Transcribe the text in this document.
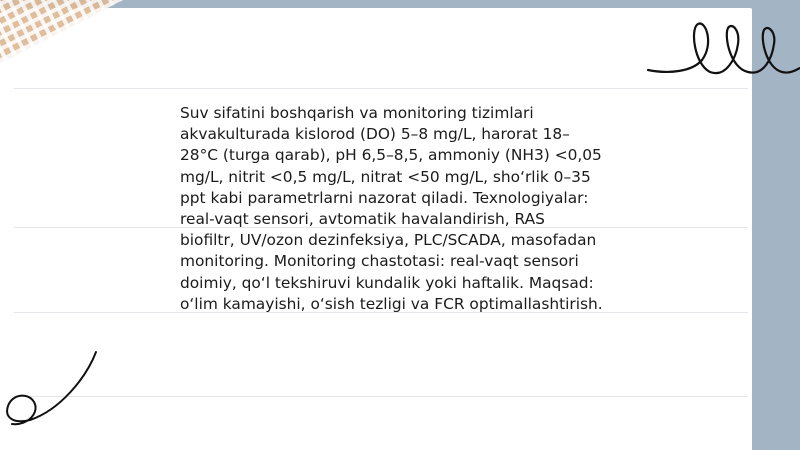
Suv sifatini boshqarish va monitoring tizimlari
akvakulturada kislorod (DO) 5–8 mg/L, harorat 18–
28°C (turga qarab), pH 6,5–8,5, ammoniy (NH3) <0,05
mg/L, nitrit <0,5 mg/L, nitrat <50 mg/L, sho‘rlik 0–35
ppt kabi parametrlarni nazorat qiladi. Texnologiyalar:
real-vaqt sensori, avtomatik havalandirish, RAS
biofiltr, UV/ozon dezinfeksiya, PLC/SCADA, masofadan
monitoring. Monitoring chastotasi: real-vaqt sensori
doimiy, qo‘l tekshiruvi kundalik yoki haftalik. Maqsad:
o‘lim kamayishi, o‘sish tezligi va FCR optimallashtirish.
